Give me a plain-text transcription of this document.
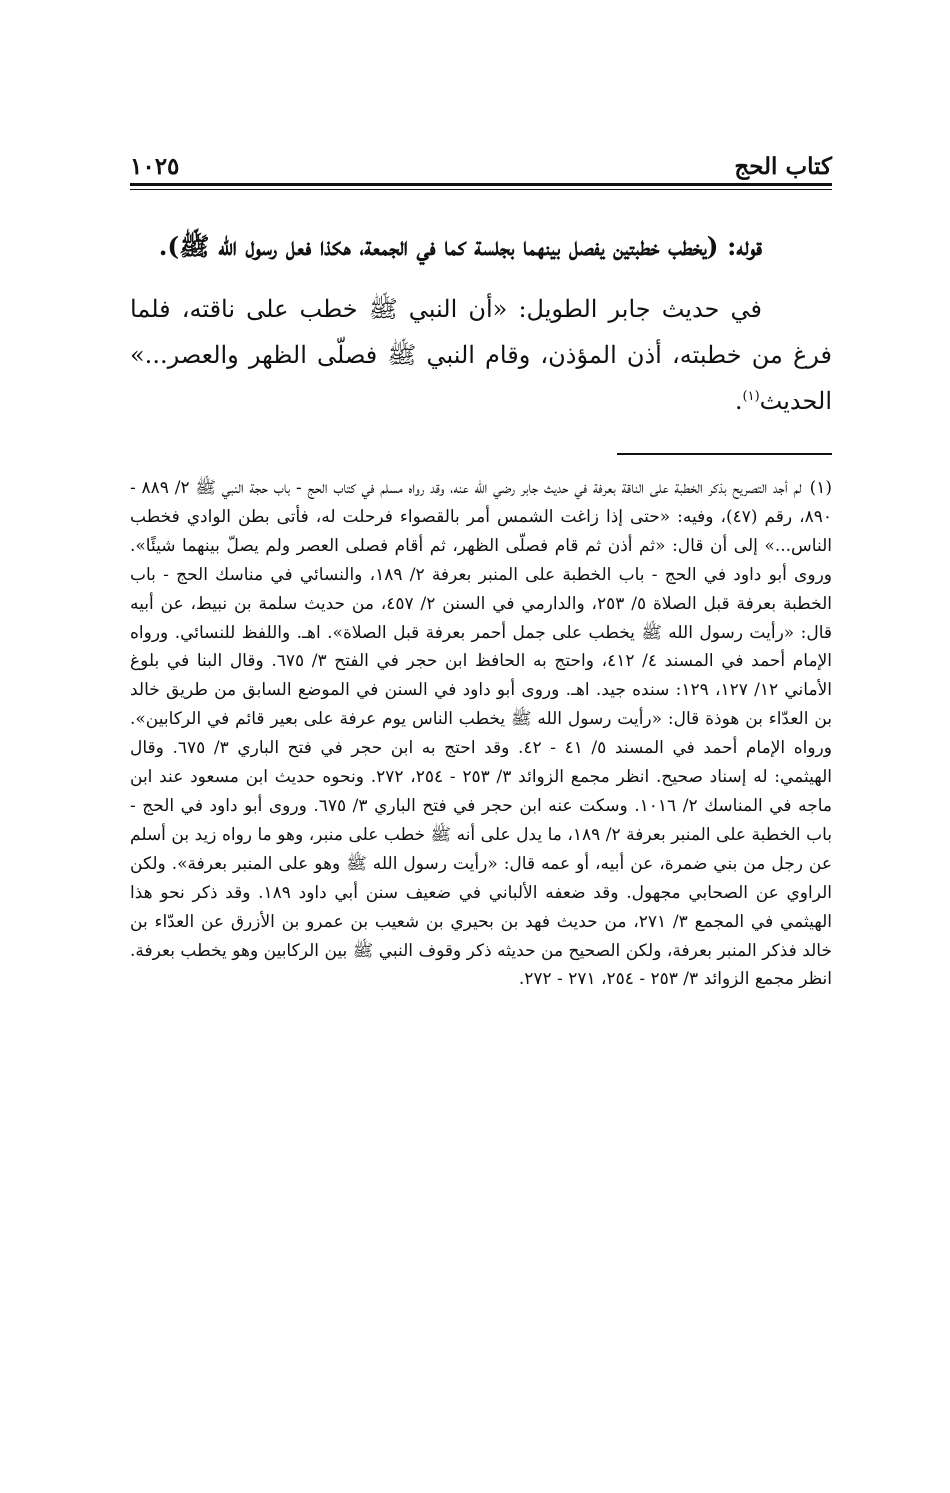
كتاب الحج
١٠٢٥

قوله: (يخطب خطبتين يفصل بينهما بجلسة كما في الجمعة، هكذا فعل رسول الله ﷺ).

في حديث جابر الطويل: «أن النبي ﷺ خطب على ناقته، فلما فرغ من خطبته، أذن المؤذن، وقام النبي ﷺ فصلّى الظهر والعصر...» الحديث$^{(١)}$.

(١)لم أجد التصريح بذكر الخطبة على الناقة بعرفة في حديث جابر رضي الله عنه، وقد رواه مسلم في كتاب الحج - باب حجة النبي ﷺ ٢/ ٨٨٩ - ٨٩٠، رقم (٤٧)، وفيه: «حتى إذا زاغت الشمس أمر بالقصواء فرحلت له، فأتى بطن الوادي فخطب الناس...» إلى أن قال: «ثم أذن ثم قام فصلّى الظهر، ثم أقام فصلى العصر ولم يصلّ بينهما شيئًا». وروى أبو داود في الحج - باب الخطبة على المنبر بعرفة ٢/ ١٨٩، والنسائي في مناسك الحج - باب الخطبة بعرفة قبل الصلاة ٥/ ٢٥٣، والدارمي في السنن ٢/ ٤٥٧، من حديث سلمة بن نبيط، عن أبيه قال: «رأيت رسول الله ﷺ يخطب على جمل أحمر بعرفة قبل الصلاة». اهـ. واللفظ للنسائي. ورواه الإمام أحمد في المسند ٤/ ٤١٢، واحتج به الحافظ ابن حجر في الفتح ٣/ ٦٧٥. وقال البنا في بلوغ الأماني ١٢/ ١٢٧، ١٢٩: سنده جيد. اهـ. وروى أبو داود في السنن في الموضع السابق من طريق خالد بن العدّاء بن هوذة قال: «رأيت رسول الله ﷺ يخطب الناس يوم عرفة على بعير قائم في الركابين». ورواه الإمام أحمد في المسند ٥/ ٤١ - ٤٢. وقد احتج به ابن حجر في فتح الباري ٣/ ٦٧٥. وقال الهيثمي: له إسناد صحيح. انظر مجمع الزوائد ٣/ ٢٥٣ - ٢٥٤، ٢٧٢. ونحوه حديث ابن مسعود عند ابن ماجه في المناسك ٢/ ١٠١٦. وسكت عنه ابن حجر في فتح الباري ٣/ ٦٧٥. وروى أبو داود في الحج - باب الخطبة على المنبر بعرفة ٢/ ١٨٩، ما يدل على أنه ﷺ خطب على منبر، وهو ما رواه زيد بن أسلم عن رجل من بني ضمرة، عن أبيه، أو عمه قال: «رأيت رسول الله ﷺ وهو على المنبر بعرفة». ولكن الراوي عن الصحابي مجهول. وقد ضعفه الألباني في ضعيف سنن أبي داود ١٨٩. وقد ذكر نحو هذا الهيثمي في المجمع ٣/ ٢٧١، من حديث فهد بن بحيري بن شعيب بن عمرو بن الأزرق عن العدّاء بن خالد فذكر المنبر بعرفة، ولكن الصحيح من حديثه ذكر وقوف النبي ﷺ بين الركابين وهو يخطب بعرفة. انظر مجمع الزوائد ٣/ ٢٥٣ - ٢٥٤، ٢٧١ - ٢٧٢.
